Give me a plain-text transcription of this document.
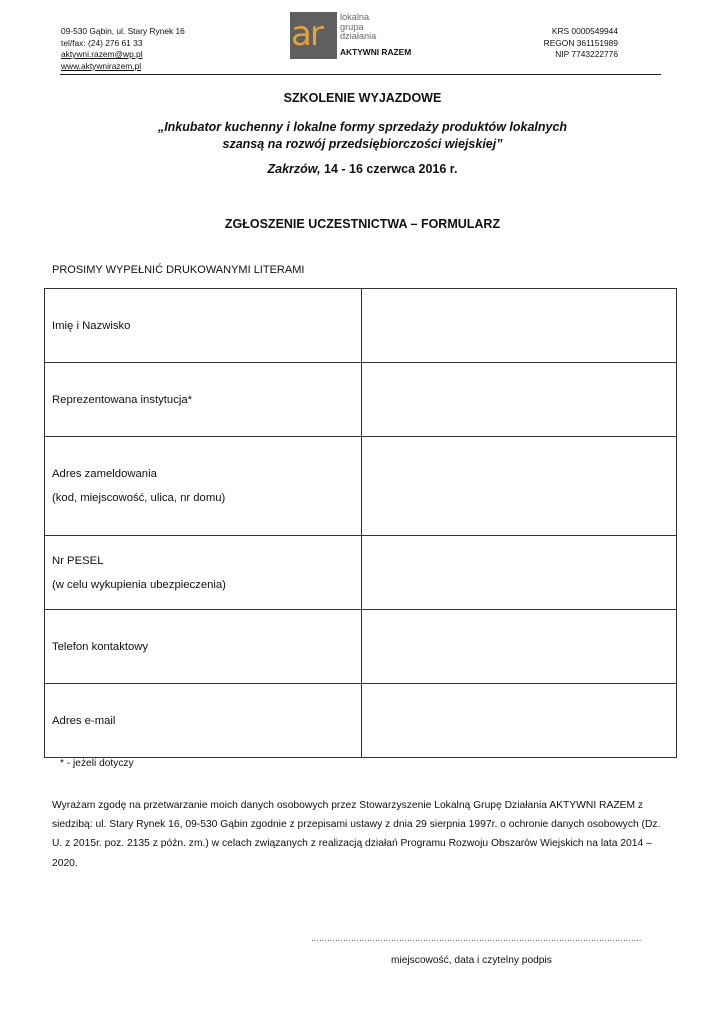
09-530 Gąbin, ul. Stary Rynek 16
tel/fax: (24) 276 61 33
aktywni.razem@wp.pl
www.aktywnirazem.pl
ar	lokalna
grupa
działania
AKTYWNI RAZEM
KRS 0000549944
REGON 361151989
NIP 7743222776
SZKOLENIE WYJAZDOWE
„Inkubator kuchenny i lokalne formy sprzedaży produktów lokalnych
szansą na rozwój przedsiębiorczości wiejskiej”
Zakrzów, 14 - 16 czerwca 2016 r.
ZGŁOSZENIE UCZESTNICTWA – FORMULARZ
PROSIMY WYPEŁNIĆ DRUKOWANYMI LITERAMI
Imię i Nazwisko	
Reprezentowana instytucja*	

Adres zameldowania
(kod, miejscowość, ulica, nr domu)	

Nr PESEL
(w celu wykupienia ubezpieczenia)	

Telefon kontaktowy	
Adres e-mail	
* - jeżeli dotyczy
Wyrażam zgodę na przetwarzanie moich danych osobowych przez Stowarzyszenie Lokalną Grupę Działania AKTYWNI RAZEM z siedzibą: ul. Stary Rynek 16, 09-530 Gąbin zgodnie z przepisami ustawy z dnia 29 sierpnia 1997r. o ochronie danych osobowych (Dz. U. z 2015r. poz. 2135 z późn. zm.) w celach związanych z realizacją działań Programu Rozwoju Obszarów Wiejskich na lata 2014 – 2020.
…………………………………………………………………………………………………………….
miejscowość, data i czytelny podpis
